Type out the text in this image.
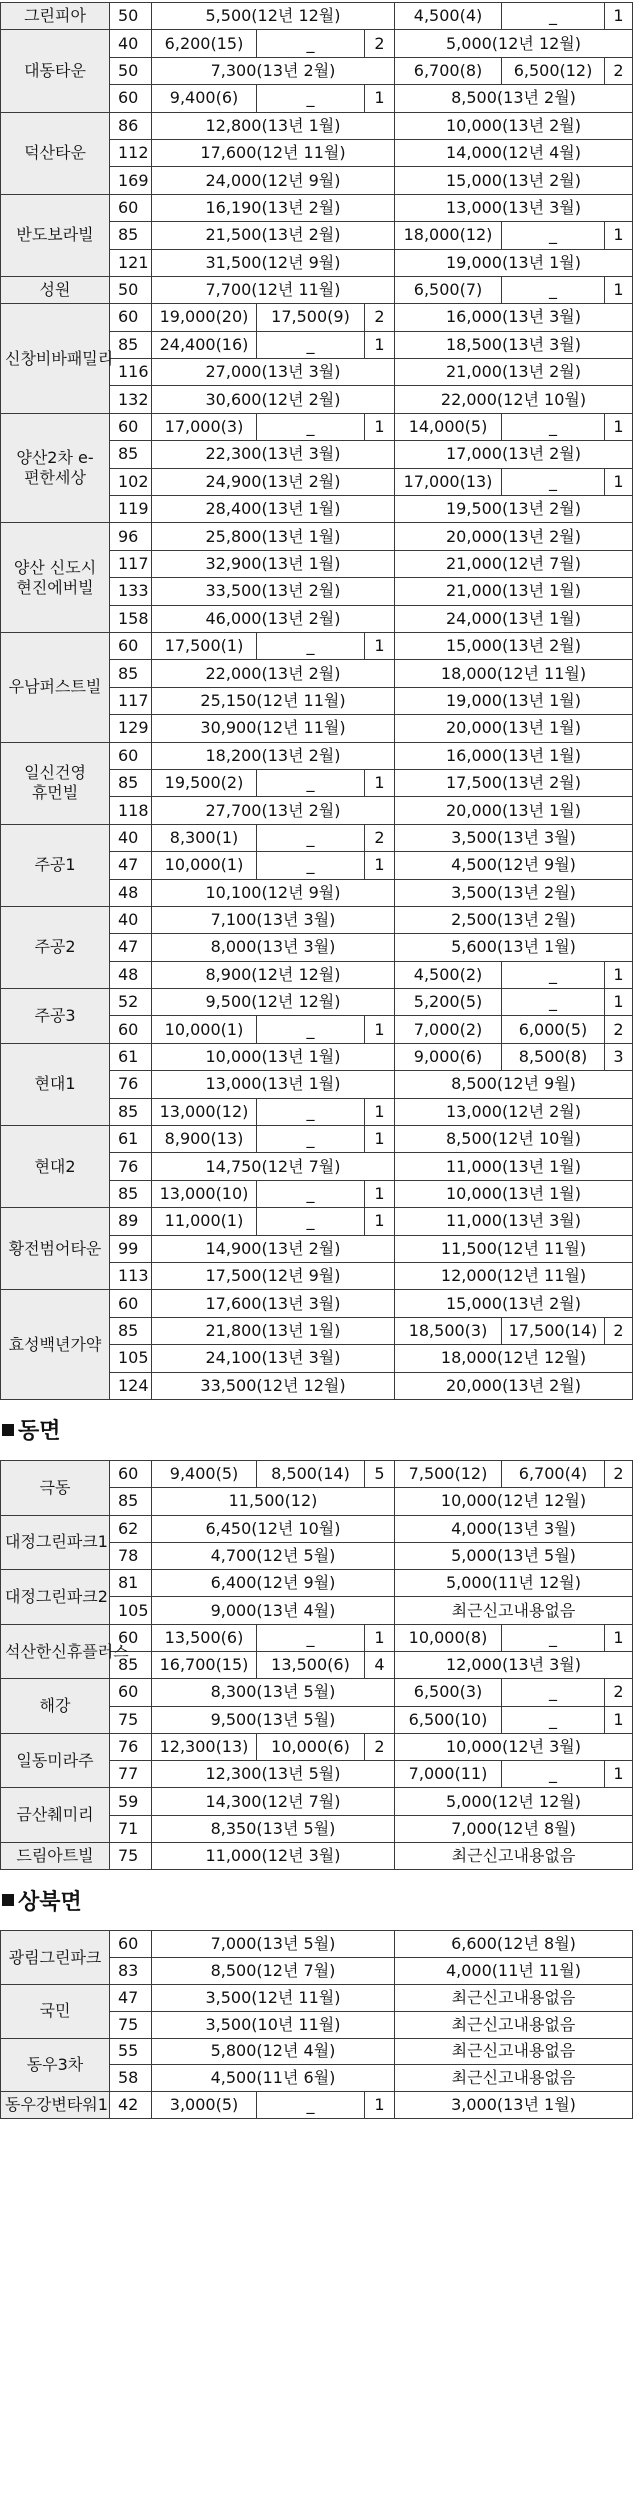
그린피아	50	5,500(12년 12월)			4,500(4)	_	1
대동타운	40	6,200(15)	_	2	5,000(12년 12월)		
	50	7,300(13년 2월)			6,700(8)	6,500(12)	2
	60	9,400(6)	_	1	8,500(13년 2월)		
덕산타운	86	12,800(13년 1월)			10,000(13년 2월)		
	112	17,600(12년 11월)			14,000(12년 4월)		
	169	24,000(12년 9월)			15,000(13년 2월)		
반도보라빌	60	16,190(13년 2월)			13,000(13년 3월)		
	85	21,500(13년 2월)			18,000(12)	_	1
	121	31,500(12년 9월)			19,000(13년 1월)		
성원	50	7,700(12년 11월)			6,500(7)	_	1
신창비바패밀리	60	19,000(20)	17,500(9)	2	16,000(13년 3월)		
	85	24,400(16)	_	1	18,500(13년 3월)		
	116	27,000(13년 3월)			21,000(13년 2월)		
	132	30,600(12년 2월)			22,000(12년 10월)		
양산2차 e-편한세상	60	17,000(3)	_	1	14,000(5)	_	1
	85	22,300(13년 3월)			17,000(13년 2월)		
	102	24,900(13년 2월)			17,000(13)	_	1
	119	28,400(13년 1월)			19,500(13년 2월)		
양산 신도시 현진에버빌	96	25,800(13년 1월)			20,000(13년 2월)		
	117	32,900(13년 1월)			21,000(12년 7월)		
	133	33,500(13년 2월)			21,000(13년 1월)		
	158	46,000(13년 2월)			24,000(13년 1월)		
우남퍼스트빌	60	17,500(1)	_	1	15,000(13년 2월)		
	85	22,000(13년 2월)			18,000(12년 11월)		
	117	25,150(12년 11월)			19,000(13년 1월)		
	129	30,900(12년 11월)			20,000(13년 1월)		
일신건영 휴먼빌	60	18,200(13년 2월)			16,000(13년 1월)		
	85	19,500(2)	_	1	17,500(13년 2월)		
	118	27,700(13년 2월)			20,000(13년 1월)		
주공1	40	8,300(1)	_	2	3,500(13년 3월)		
	47	10,000(1)	_	1	4,500(12년 9월)		
	48	10,100(12년 9월)			3,500(13년 2월)		
주공2	40	7,100(13년 3월)			2,500(13년 2월)		
	47	8,000(13년 3월)			5,600(13년 1월)		
	48	8,900(12년 12월)			4,500(2)	_	1
주공3	52	9,500(12년 12월)			5,200(5)	_	1
	60	10,000(1)	_	1	7,000(2)	6,000(5)	2
현대1	61	10,000(13년 1월)			9,000(6)	8,500(8)	3
	76	13,000(13년 1월)			8,500(12년 9월)		
	85	13,000(12)	_	1	13,000(12년 2월)		
현대2	61	8,900(13)	_	1	8,500(12년 10월)		
	76	14,750(12년 7월)			11,000(13년 1월)		
	85	13,000(10)	_	1	10,000(13년 1월)		
황전범어타운	89	11,000(1)	_	1	11,000(13년 3월)		
	99	14,900(13년 2월)			11,500(12년 11월)		
	113	17,500(12년 9월)			12,000(12년 11월)		
효성백년가약	60	17,600(13년 3월)			15,000(13년 2월)		
	85	21,800(13년 1월)			18,500(3)	17,500(14)	2
	105	24,100(13년 3월)			18,000(12년 12월)		
	124	33,500(12년 12월)			20,000(13년 2월)		
동면
극동	60	9,400(5)	8,500(14)	5	7,500(12)	6,700(4)	2
	85	11,500(12)			10,000(12년 12월)		
대정그린파크1	62	6,450(12년 10월)			4,000(13년 3월)		
	78	4,700(12년 5월)			5,000(13년 5월)		
대정그린파크2	81	6,400(12년 9월)			5,000(11년 12월)		
	105	9,000(13년 4월)			최근신고내용없음		
석산한신휴플러스	60	13,500(6)	_	1	10,000(8)	_	1
	85	16,700(15)	13,500(6)	4	12,000(13년 3월)		
해강	60	8,300(13년 5월)			6,500(3)	_	2
	75	9,500(13년 5월)			6,500(10)	_	1
일동미라주	76	12,300(13)	10,000(6)	2	10,000(12년 3월)		
	77	12,300(13년 5월)			7,000(11)	_	1
금산췌미리	59	14,300(12년 7월)			5,000(12년 12월)		
	71	8,350(13년 5월)			7,000(12년 8월)		
드림아트빌	75	11,000(12년 3월)			최근신고내용없음		
상북면
광림그린파크	60	7,000(13년 5월)			6,600(12년 8월)
	83	8,500(12년 7월)			4,000(11년 11월)
국민	47	3,500(12년 11월)			최근신고내용없음
	75	3,500(10년 11월)			최근신고내용없음
동우3차	55	5,800(12년 4월)			최근신고내용없음
	58	4,500(11년 6월)			최근신고내용없음
동우강변타워1	42	3,000(5)	_	1	3,000(13년 1월)
